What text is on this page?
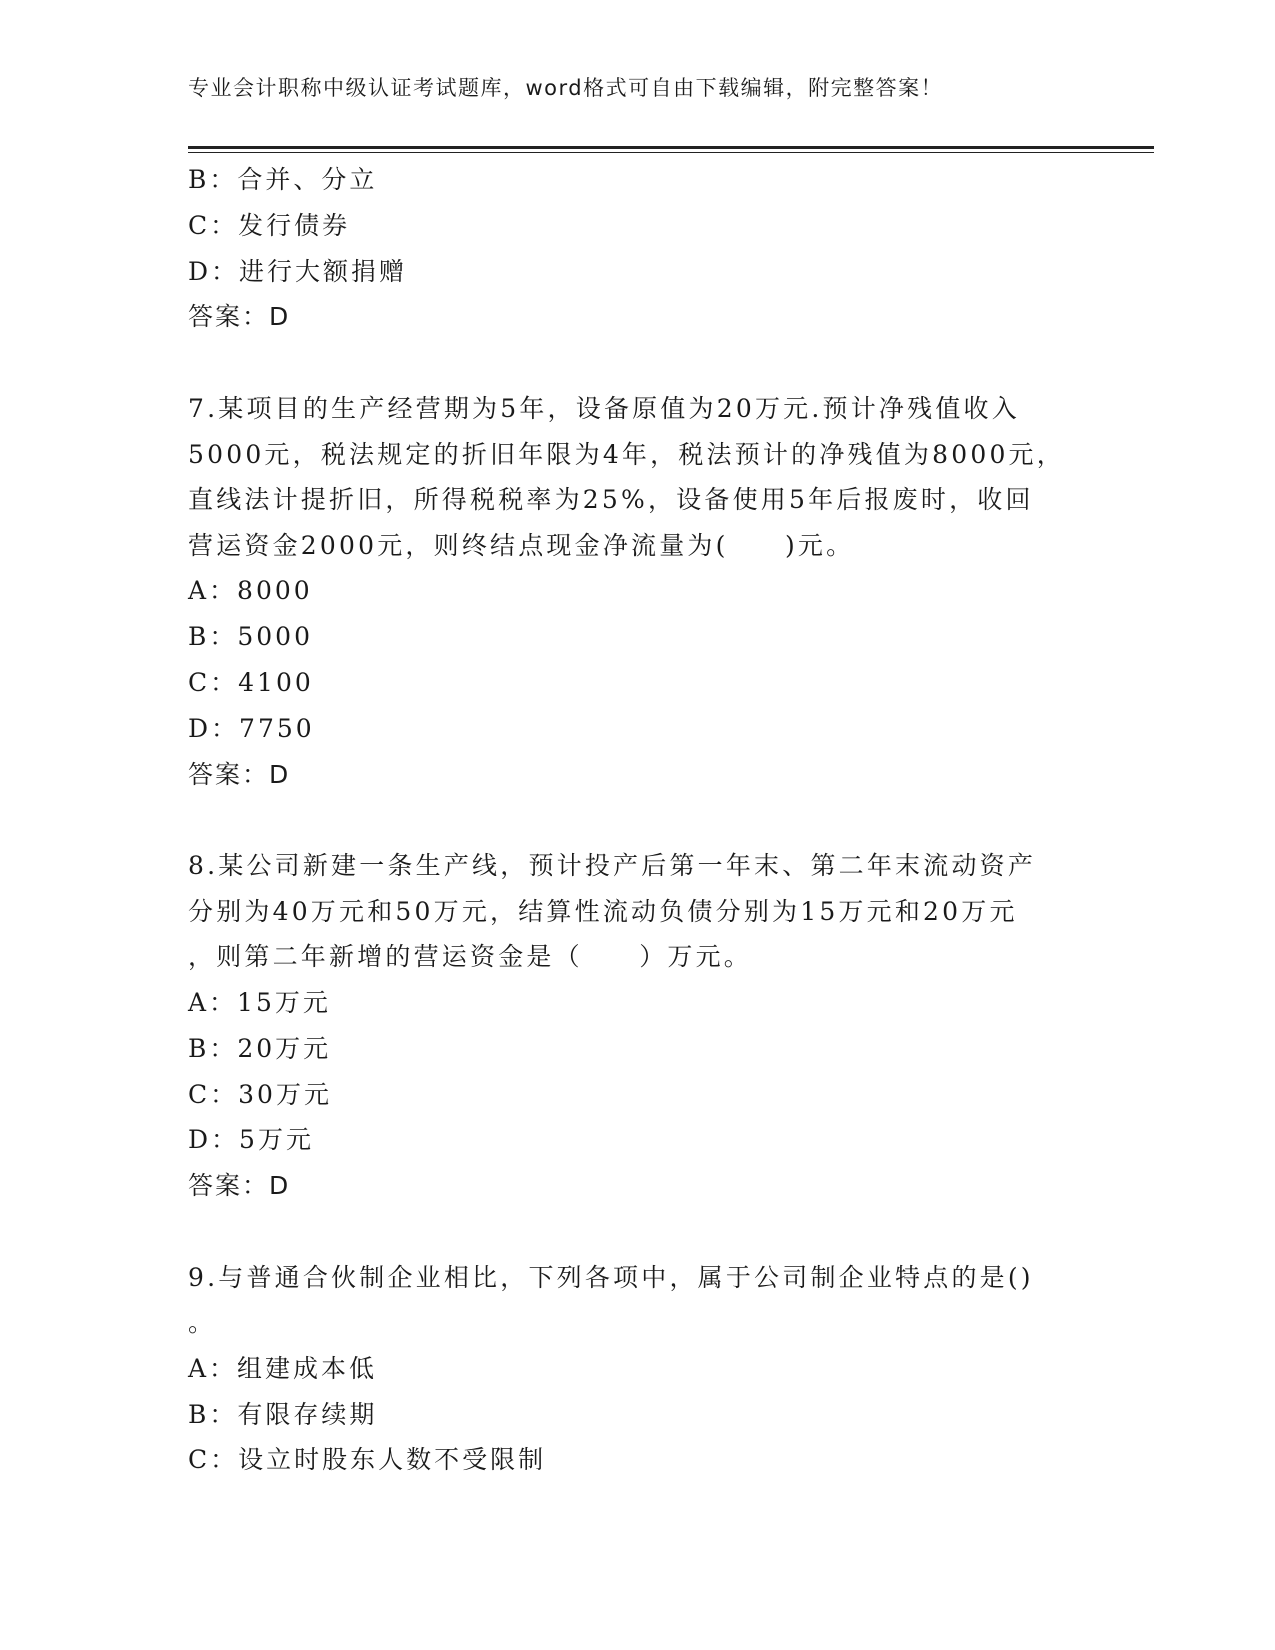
专业会计职称中级认证考试题库，word格式可自由下载编辑，附完整答案！
B：合并、分立
C：发行债券
D：进行大额捐赠
答案：D
7.某项目的生产经营期为5年，设备原值为20万元.预计净残值收入
5000元，税法规定的折旧年限为4年，税法预计的净残值为8000元，
直线法计提折旧，所得税税率为25%，设备使用5年后报废时，收回
营运资金2000元，则终结点现金净流量为(　　)元。
A：8000
B：5000
C：4100
D：7750
答案：D
8.某公司新建一条生产线，预计投产后第一年末、第二年末流动资产
分别为40万元和50万元，结算性流动负债分别为15万元和20万元
，则第二年新增的营运资金是（　　）万元。
A：15万元
B：20万元
C：30万元
D：5万元
答案：D
9.与普通合伙制企业相比，下列各项中，属于公司制企业特点的是()
。
A：组建成本低
B：有限存续期
C：设立时股东人数不受限制
